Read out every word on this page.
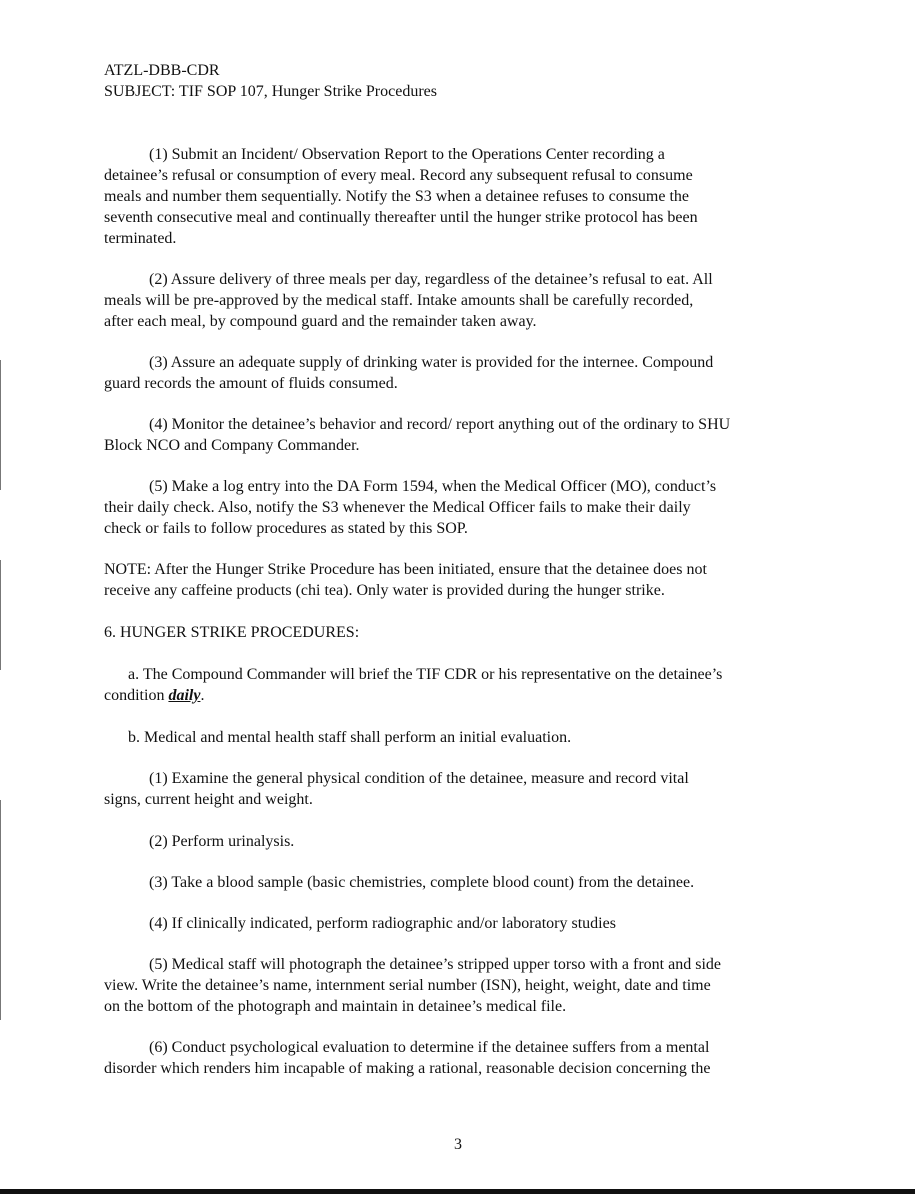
ATZL-DBB-CDR
SUBJECT: TIF SOP 107, Hunger Strike Procedures
(1) Submit an Incident/ Observation Report to the Operations Center recording a
detainee’s refusal or consumption of every meal. Record any subsequent refusal to consume
meals and number them sequentially. Notify the S3 when a detainee refuses to consume the
seventh consecutive meal and continually thereafter until the hunger strike protocol has been
terminated.
(2) Assure delivery of three meals per day, regardless of the detainee’s refusal to eat. All
meals will be pre-approved by the medical staff. Intake amounts shall be carefully recorded,
after each meal, by compound guard and the remainder taken away.
(3) Assure an adequate supply of drinking water is provided for the internee. Compound
guard records the amount of fluids consumed.
(4) Monitor the detainee’s behavior and record/ report anything out of the ordinary to SHU
Block NCO and Company Commander.
(5) Make a log entry into the DA Form 1594, when the Medical Officer (MO), conduct’s
their daily check. Also, notify the S3 whenever the Medical Officer fails to make their daily
check or fails to follow procedures as stated by this SOP.
NOTE: After the Hunger Strike Procedure has been initiated, ensure that the detainee does not
receive any caffeine products (chi tea). Only water is provided during the hunger strike.
6. HUNGER STRIKE PROCEDURES:
a. The Compound Commander will brief the TIF CDR or his representative on the detainee’s
condition daily.
b. Medical and mental health staff shall perform an initial evaluation.
(1) Examine the general physical condition of the detainee, measure and record vital
signs, current height and weight.
(2) Perform urinalysis.
(3) Take a blood sample (basic chemistries, complete blood count) from the detainee.
(4) If clinically indicated, perform radiographic and/or laboratory studies
(5) Medical staff will photograph the detainee’s stripped upper torso with a front and side
view. Write the detainee’s name, internment serial number (ISN), height, weight, date and time
on the bottom of the photograph and maintain in detainee’s medical file.
(6) Conduct psychological evaluation to determine if the detainee suffers from a mental
disorder which renders him incapable of making a rational, reasonable decision concerning the
3
